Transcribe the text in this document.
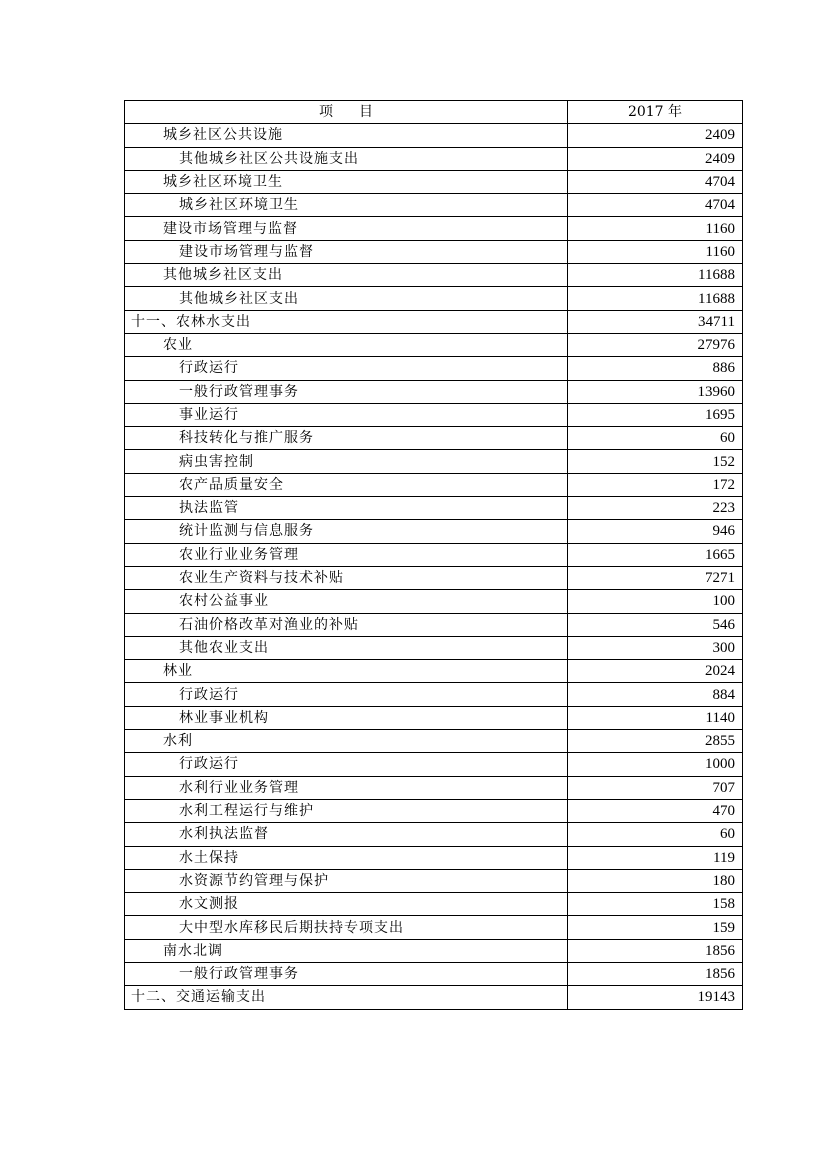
项 目	2017 年
城乡社区公共设施	2409
其他城乡社区公共设施支出	2409
城乡社区环境卫生	4704
城乡社区环境卫生	4704
建设市场管理与监督	1160
建设市场管理与监督	1160
其他城乡社区支出	11688
其他城乡社区支出	11688
十一、农林水支出	34711
农业	27976
行政运行	886
一般行政管理事务	13960
事业运行	1695
科技转化与推广服务	60
病虫害控制	152
农产品质量安全	172
执法监管	223
统计监测与信息服务	946
农业行业业务管理	1665
农业生产资料与技术补贴	7271
农村公益事业	100
石油价格改革对渔业的补贴	546
其他农业支出	300
林业	2024
行政运行	884
林业事业机构	1140
水利	2855
行政运行	1000
水利行业业务管理	707
水利工程运行与维护	470
水利执法监督	60
水土保持	119
水资源节约管理与保护	180
水文测报	158
大中型水库移民后期扶持专项支出	159
南水北调	1856
一般行政管理事务	1856
十二、交通运输支出	19143
